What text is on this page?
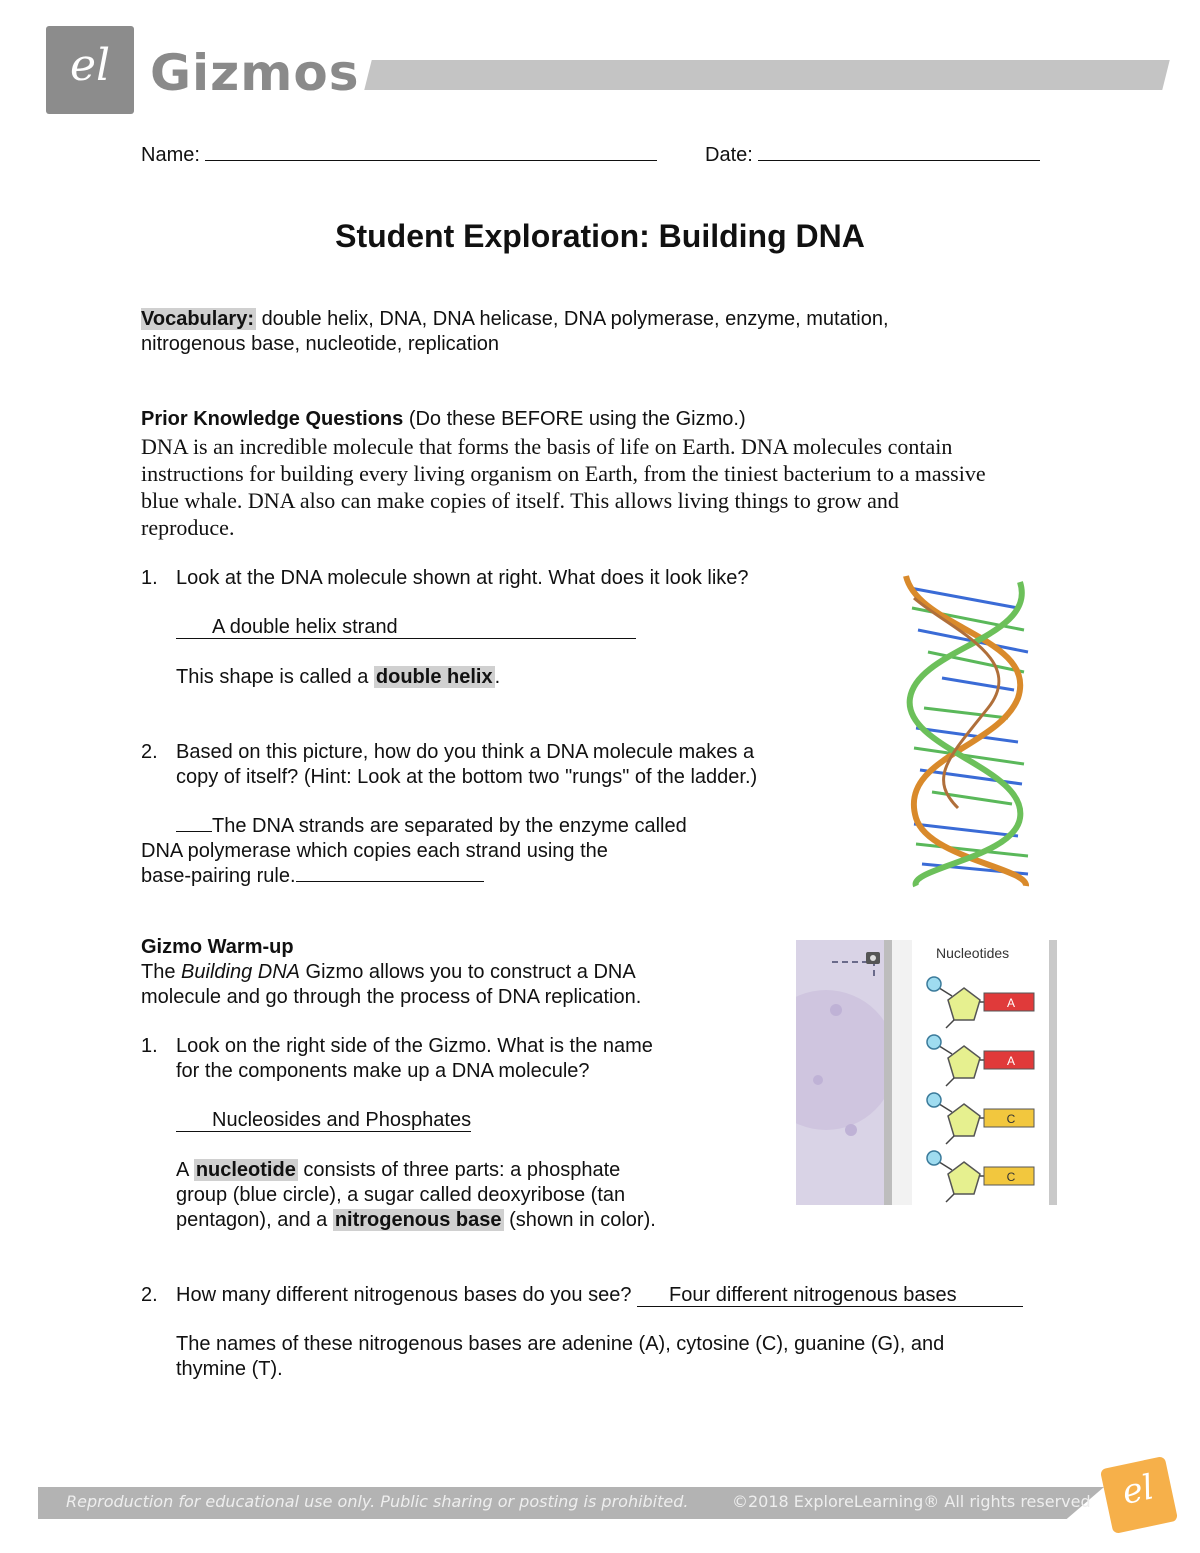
el Gizmos
Name:	Date:
Student Exploration: Building DNA
Vocabulary: double helix, DNA, DNA helicase, DNA polymerase, enzyme, mutation,
nitrogenous base, nucleotide, replication
Prior Knowledge Questions (Do these BEFORE using the Gizmo.)
DNA is an incredible molecule that forms the basis of life on Earth. DNA molecules contain
instructions for building every living organism on Earth, from the tiniest bacterium to a massive
blue whale. DNA also can make copies of itself. This allows living things to grow and
reproduce.
1. Look at the DNA molecule shown at right. What does it look like?
A double helix strand
This shape is called a double helix .
2. Based on this picture, how do you think a DNA molecule makes a
copy of itself? (Hint: Look at the bottom two "rungs" of the ladder.)
The DNA strands are separated by the enzyme called
DNA polymerase which copies each strand using the
base-pairing rule.
Gizmo Warm-up
The Building DNA Gizmo allows you to construct a DNA
molecule and go through the process of DNA replication.
1. Look on the right side of the Gizmo. What is the name
for the components make up a DNA molecule?
Nucleosides and Phosphates
A nucleotide consists of three parts: a phosphate
group (blue circle), a sugar called deoxyribose (tan
pentagon), and a nitrogenous base (shown in color).
Nucleotides
A
A
C
C
2. How many different nitrogenous bases do you see? Four different nitrogenous bases
The names of these nitrogenous bases are adenine (A), cytosine (C), guanine (G), and
thymine (T).
Reproduction for educational use only. Public sharing or posting is prohibited.	©2018 ExploreLearning® All rights reserved el
